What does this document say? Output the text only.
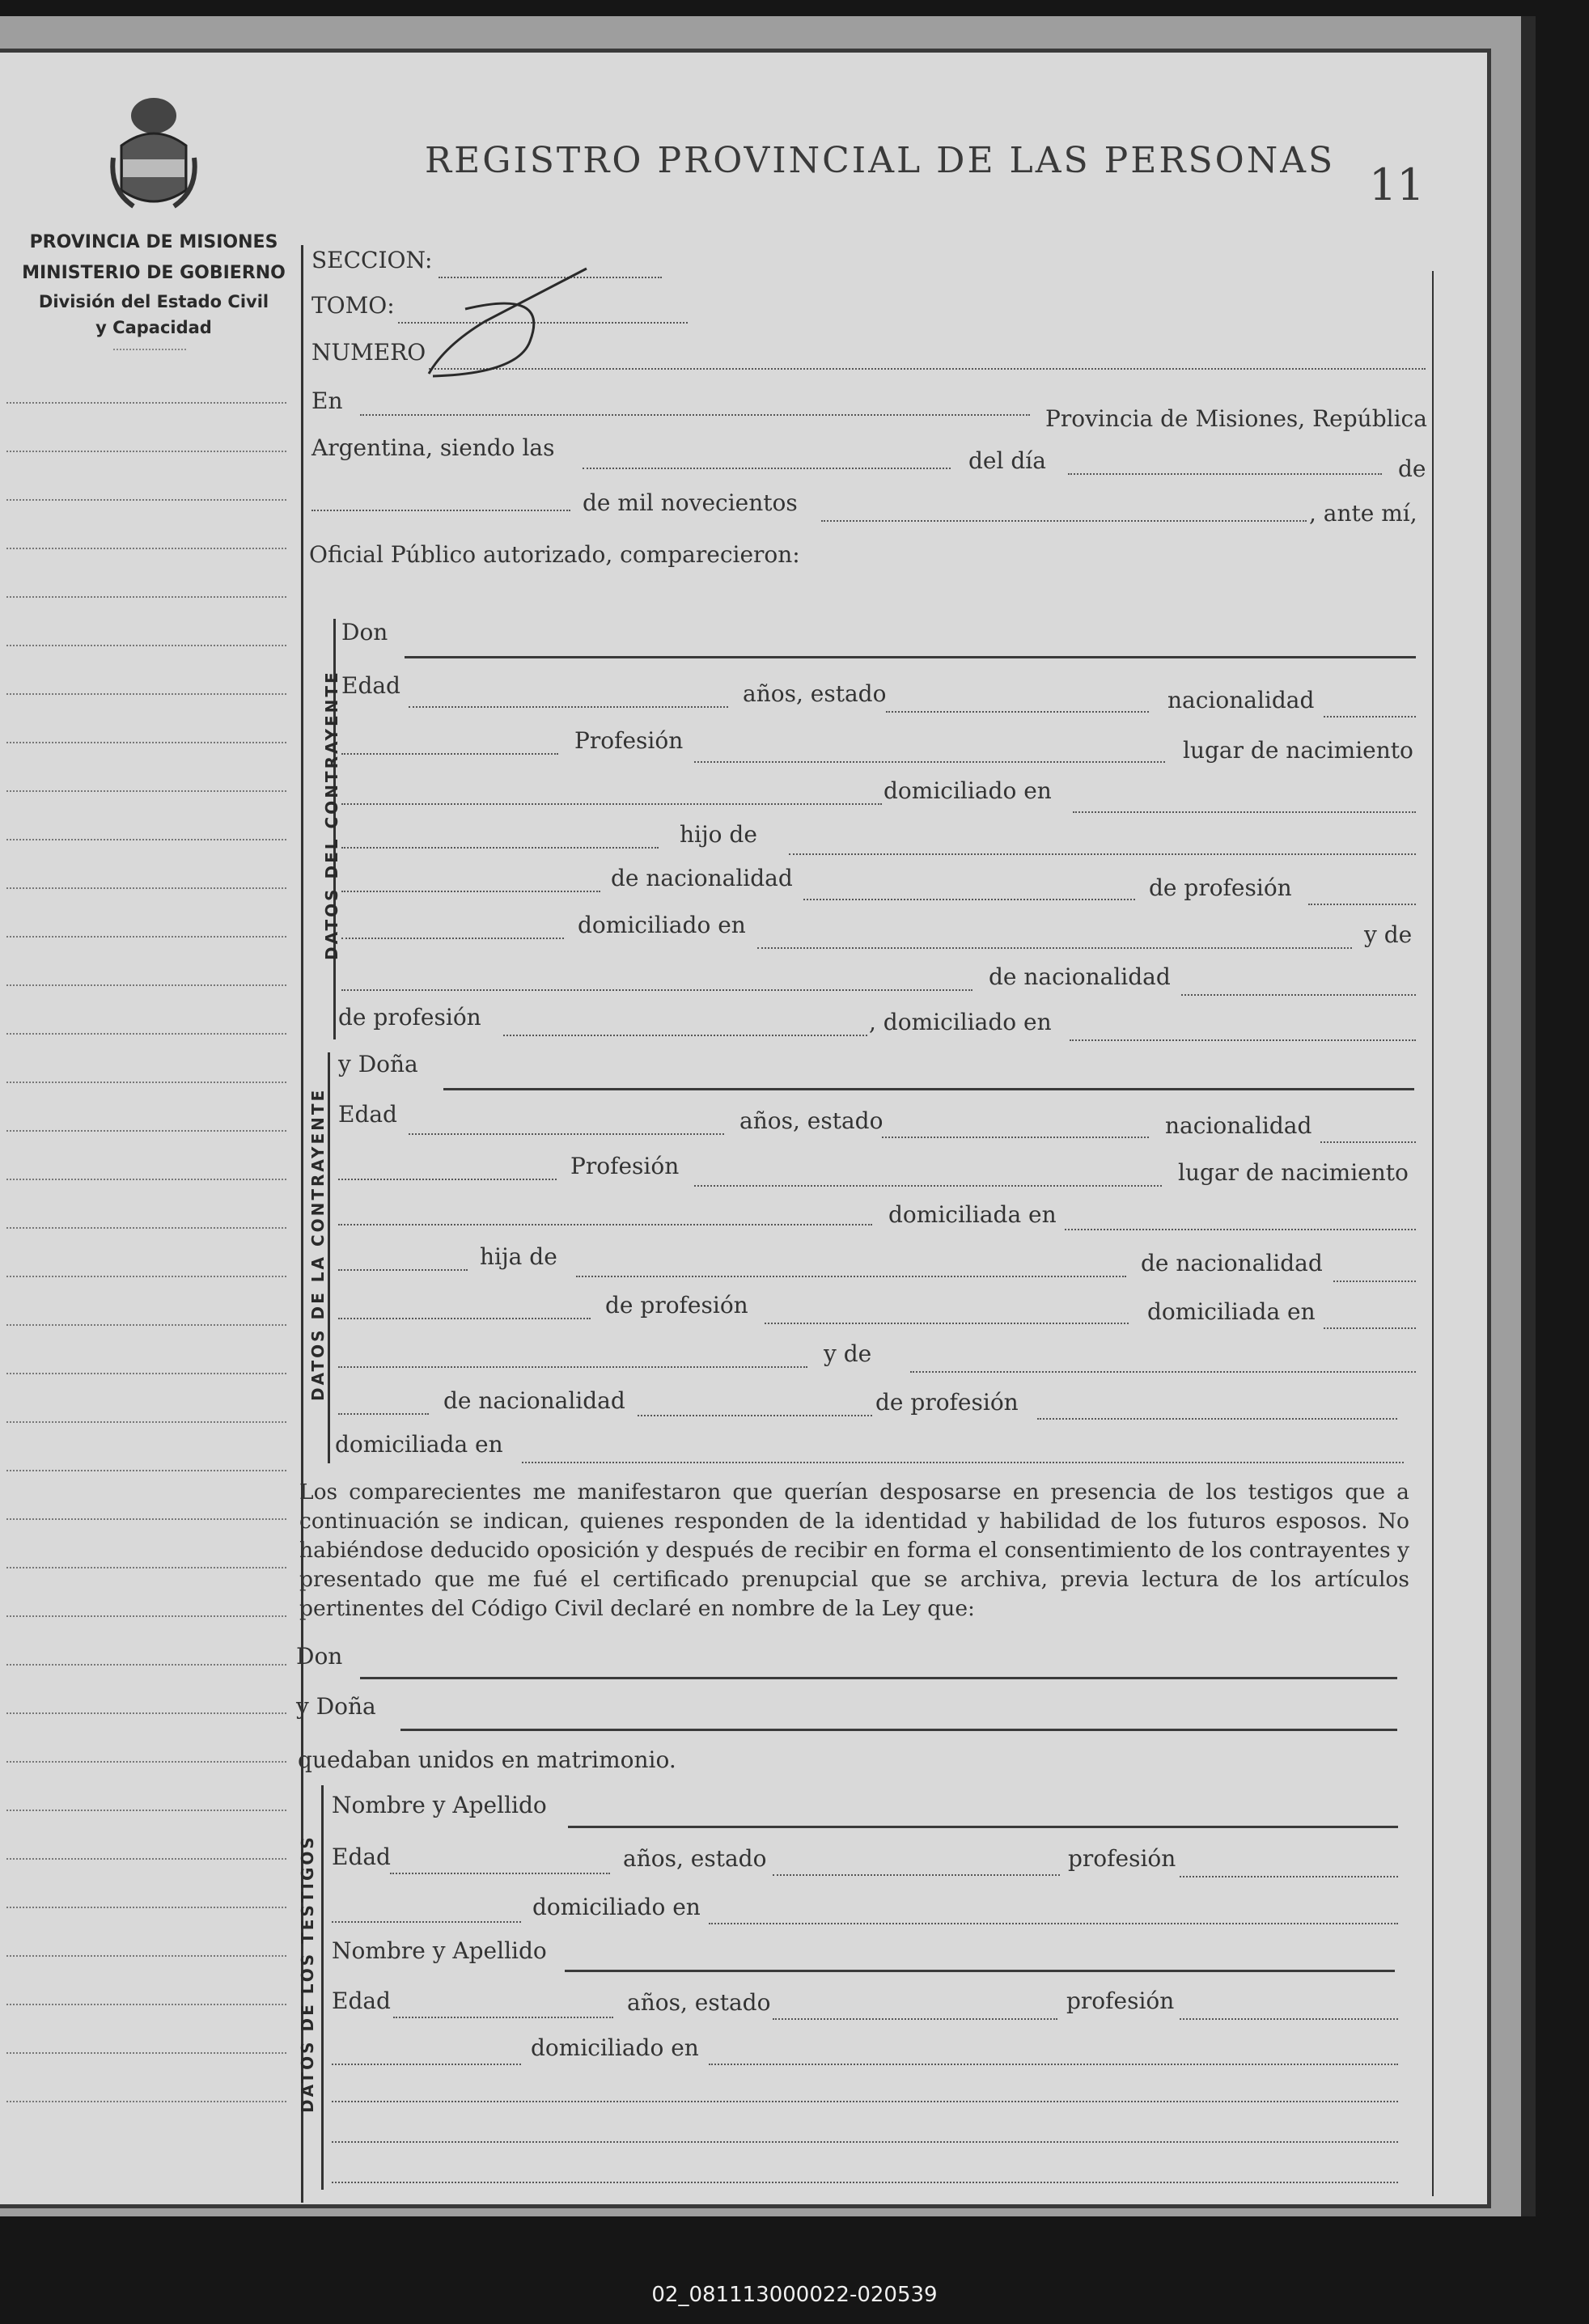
REGISTRO PROVINCIAL DE LAS PERSONAS 11
PROVINCIA DE MISIONES
MINISTERIO DE GOBIERNO
División del Estado Civil
y Capacidad
SECCION:
TOMO:
NUMERO
En
Provincia de Misiones, República
Argentina, siendo las	del día	de
de mil novecientos	, ante mí,
Oficial Público autorizado, comparecieron:
DATOS DEL CONTRAYENTE
Don
Edad	años, estado	nacionalidad
Profesión	lugar de nacimiento
domiciliado en
hijo de
de nacionalidad	de profesión
domiciliado en	y de
de nacionalidad
de profesión	, domiciliado en
DATOS DE LA CONTRAYENTE
y Doña
Edad	años, estado	nacionalidad
Profesión	lugar de nacimiento
domiciliada en
hija de	de nacionalidad
de profesión	domiciliada en
y de
de nacionalidad	de profesión
domiciliada en
Los comparecientes me manifestaron que querían desposarse en presencia de los testigos que a continuación se indican, quienes responden de la identidad y habilidad de los futuros esposos. No habiéndose deducido oposición y después de recibir en forma el consentimiento de los contrayentes y presentado que me fué el certificado prenupcial que se archiva, previa lectura de los artículos pertinentes del Código Civil declaré en nombre de la Ley que:
Don
y Doña
quedaban unidos en matrimonio.
DATOS DE LOS TESTIGOS
Nombre y Apellido
Edad	años, estado	profesión
domiciliado en
Nombre y Apellido
Edad	años, estado	profesión
domiciliado en
02_081113000022-020539
